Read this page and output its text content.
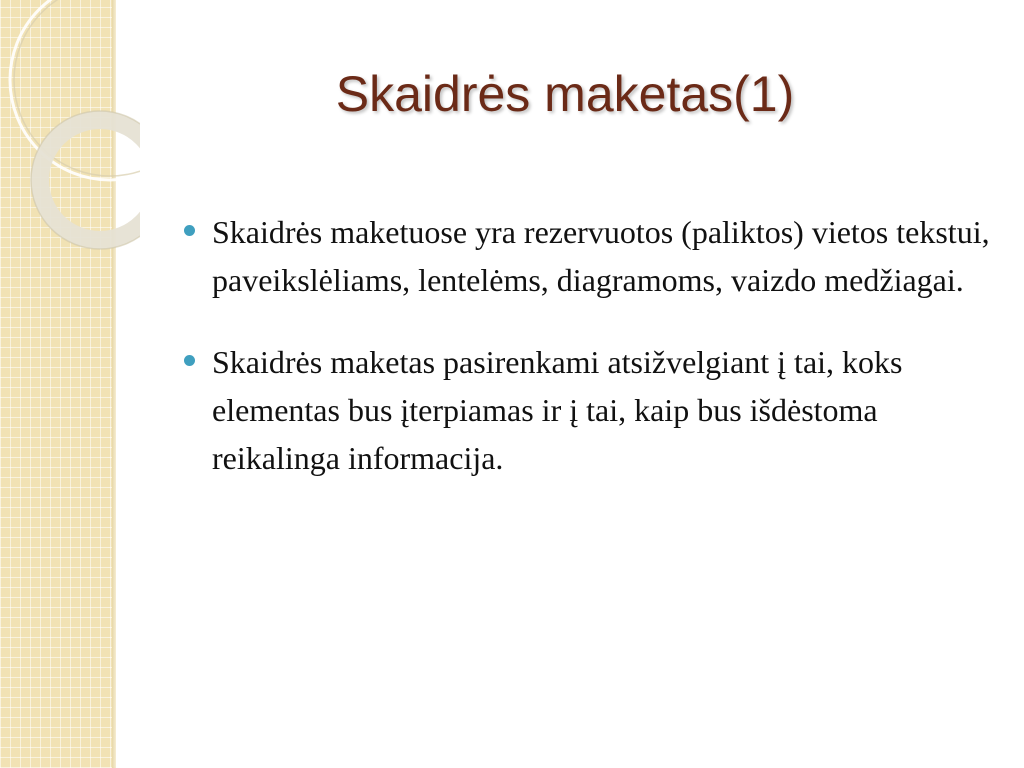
Skaidrės maketas(1)
Skaidrės maketuose yra rezervuotos (paliktos) vietos tekstui, paveikslėliams, lentelėms, diagramoms, vaizdo medžiagai.
Skaidrės maketas pasirenkami atsižvelgiant į tai, koks elementas bus įterpiamas ir į tai, kaip bus išdėstoma reikalinga informacija.
